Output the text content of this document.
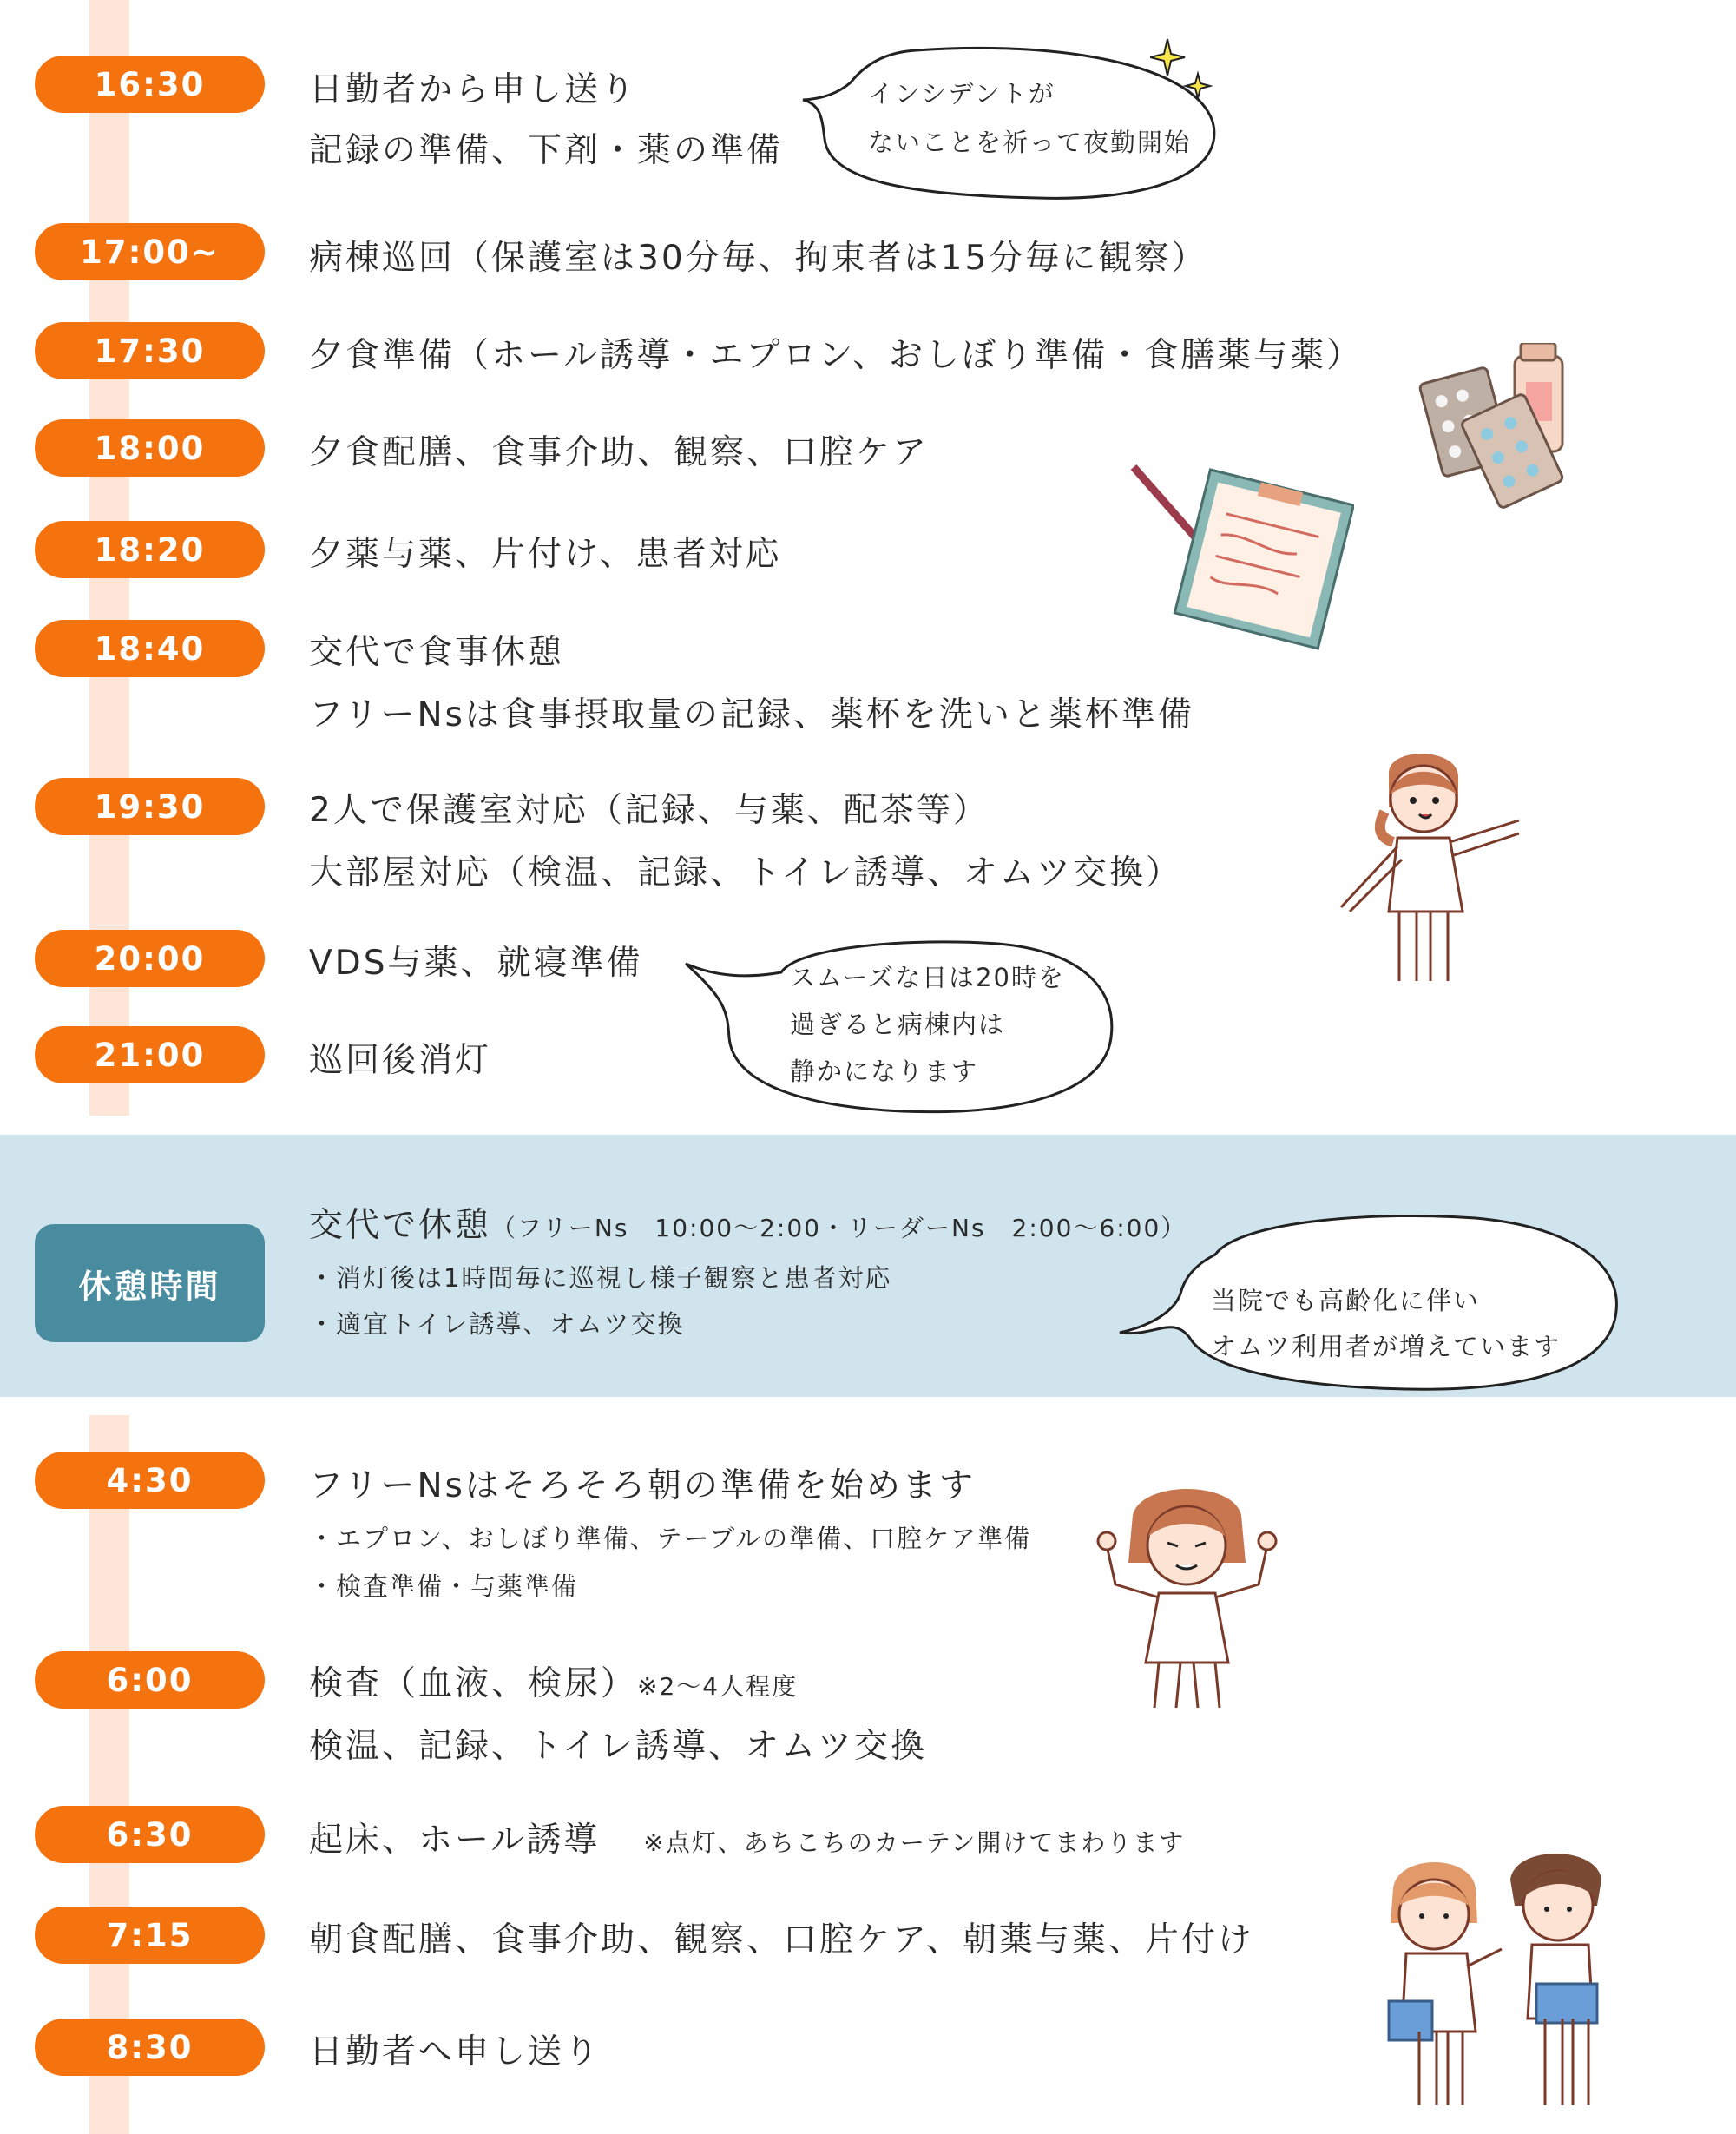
16:30	日勤者から申し送り
記録の準備、下剤・薬の準備
17:00~	病棟巡回（保護室は30分毎、拘束者は15分毎に観察）
17:30	夕食準備（ホール誘導・エプロン、おしぼり準備・食膳薬与薬）
18:00	夕食配膳、食事介助、観察、口腔ケア
18:20	夕薬与薬、片付け、患者対応
18:40	交代で食事休憩
フリーNsは食事摂取量の記録、薬杯を洗いと薬杯準備
19:30	2人で保護室対応（記録、与薬、配茶等）
大部屋対応（検温、記録、トイレ誘導、オムツ交換）
20:00	VDS与薬、就寝準備
21:00	巡回後消灯
インシデントが
ないことを祈って夜勤開始
スムーズな日は20時を
過ぎると病棟内は
静かになります
休憩時間
交代で休憩（フリーNs　10:00〜2:00・リーダーNs　2:00〜6:00）
・消灯後は1時間毎に巡視し様子観察と患者対応
・適宜トイレ誘導、オムツ交換
当院でも高齢化に伴い
オムツ利用者が増えています
4:30	フリーNsはそろそろ朝の準備を始めます
・エプロン、おしぼり準備、テーブルの準備、口腔ケア準備
・検査準備・与薬準備
6:00	検査（血液、検尿）※2〜4人程度
検温、記録、トイレ誘導、オムツ交換
6:30	起床、ホール誘導 ※点灯、あちこちのカーテン開けてまわります
7:15	朝食配膳、食事介助、観察、口腔ケア、朝薬与薬、片付け
8:30	日勤者へ申し送り
